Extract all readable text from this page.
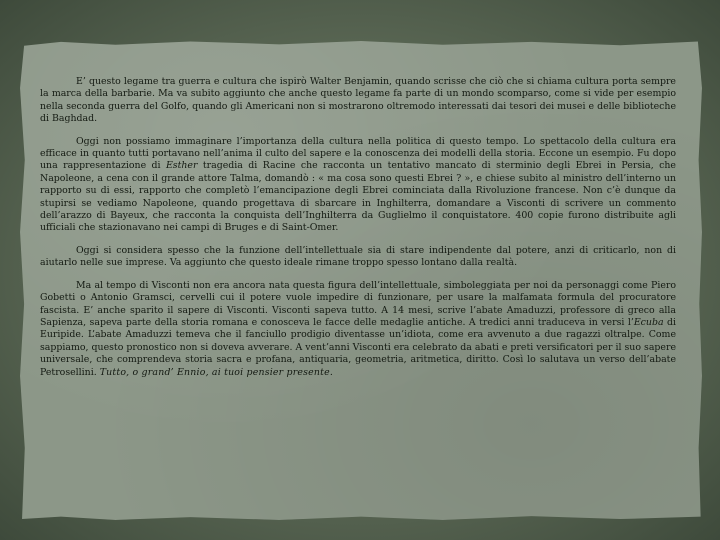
E’ questo legame tra guerra e cultura che ispirò Walter Benjamin, quando scrisse che ciò che si chiama cultura porta sempre la marca della barbarie. Ma va subito aggiunto che anche questo legame fa parte di un mondo scomparso, come si vide per esempio nella seconda guerra del Golfo, quando gli Americani non si mostrarono oltremodo interessati dai tesori dei musei e delle biblioteche di Baghdad.

Oggi non possiamo immaginare l’importanza della cultura nella politica di questo tempo. Lo spettacolo della cultura era efficace in quanto tutti portavano nell’anima il culto del sapere e la conoscenza dei modelli della storia. Eccone un esempio. Fu dopo una rappresentazione di Esther tragedia di Racine che racconta un tentativo mancato di sterminio degli Ebrei in Persia, che Napoleone, a cena con il grande attore Talma, domandò : « ma cosa sono questi Ebrei ? », e chiese subito al ministro dell’interno un rapporto su di essi, rapporto che completò l’emancipazione degli Ebrei cominciata dalla Rivoluzione francese. Non c’è dunque da stupirsi se vediamo Napoleone, quando progettava di sbarcare in Inghilterra, domandare a Visconti di scrivere un commento dell’arazzo di Bayeux, che racconta la conquista dell’Inghilterra da Guglielmo il conquistatore. 400 copie furono distribuite agli ufficiali che stazionavano nei campi di Bruges e di Saint-Omer.

Oggi si considera spesso che la funzione dell’intellettuale sia di stare indipendente dal potere, anzi di criticarlo, non di aiutarlo nelle sue imprese. Va aggiunto che questo ideale rimane troppo spesso lontano dalla realtà.

Ma al tempo di Visconti non era ancora nata questa figura dell’intellettuale, simboleggiata per noi da personaggi come Piero Gobetti o Antonio Gramsci, cervelli cui il potere vuole impedire di funzionare, per usare la malfamata formula del procuratore fascista. E’ anche sparito il sapere di Visconti. Visconti sapeva tutto. A 14 mesi, scrive l’abate Amaduzzi, professore di greco alla Sapienza, sapeva parte della storia romana e conosceva le facce delle medaglie antiche. A tredici anni traduceva in versi l’Ecuba di Euripide. L’abate Amaduzzi temeva che il fanciullo prodigio diventasse un’idiota, come era avvenuto a due ragazzi oltralpe. Come sappiamo, questo pronostico non si doveva avverare. A vent’anni Visconti era celebrato da abati e preti versificatori per il suo sapere universale, che comprendeva storia sacra e profana, antiquaria, geometria, aritmetica, diritto. Così lo salutava un verso dell’abate Petrosellini. Tutto, o grand’ Ennio, ai tuoi pensier presente.
